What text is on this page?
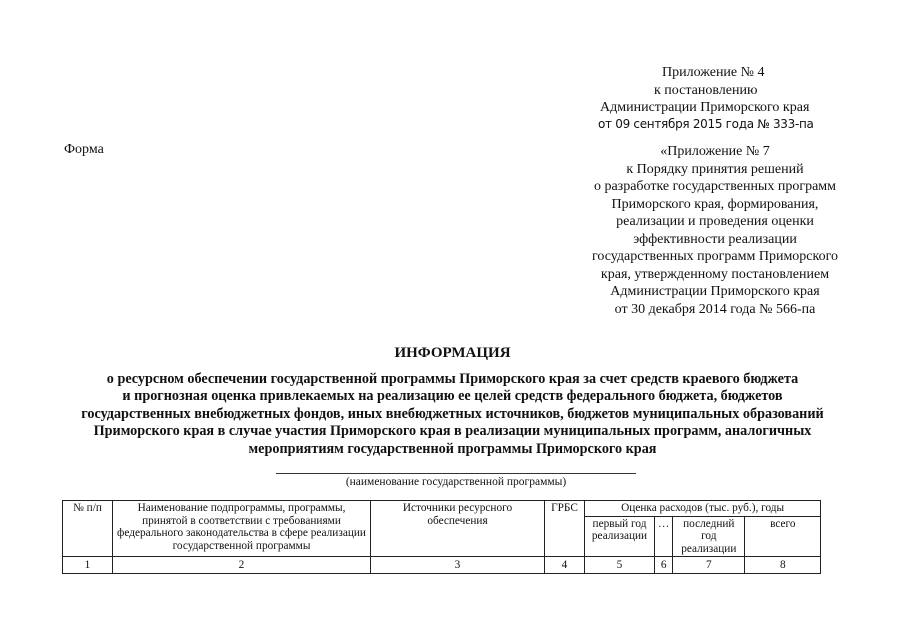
Приложение № 4
к постановлению
Администрации Приморского края
от 09 сентября 2015 года № 333-па
Форма	«Приложение № 7
к Порядку принятия решений
о разработке государственных программ
Приморского края, формирования,
реализации и проведения оценки
эффективности реализации
государственных программ Приморского
края, утвержденному постановлением
Администрации Приморского края
от 30 декабря 2014 года № 566-па
ИНФОРМАЦИЯ
о ресурсном обеспечении государственной программы Приморского края за счет средств краевого бюджета
и прогнозная оценка привлекаемых на реализацию ее целей средств федерального бюджета, бюджетов
государственных внебюджетных фондов, иных внебюджетных источников, бюджетов муниципальных образований
Приморского края в случае участия Приморского края в реализации муниципальных программ, аналогичных
мероприятиям государственной программы Приморского края
(наименование государственной программы)
№ п/п	Наименование подпрограммы, программы, принятой в соответствии с требованиями федерального законодательства в сфере реализации государственной программы	Источники ресурсного обеспечения	ГРБС	Оценка расходов (тыс. руб.), годы			
				первый год реализации	…	последний год реализации	всего
1	2	3	4	5	6	7	8
